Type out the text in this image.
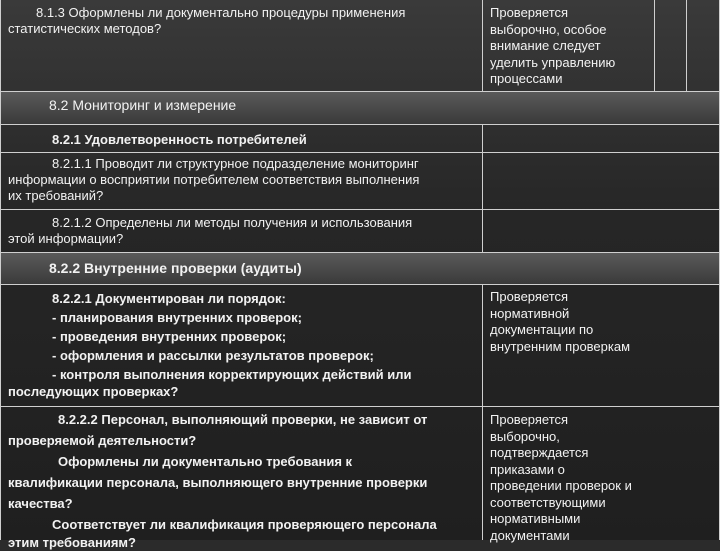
8.1.3 Оформлены ли документально процедуры применения
статистических методов?
Проверяется
выборочно, особое
внимание следует
уделить управлению
процессами
8.2 Мониторинг и измерение
8.2.1 Удовлетворенность потребителей
8.2.1.1 Проводит ли структурное подразделение мониторинг
информации о восприятии потребителем соответствия выполнения
их требований?
8.2.1.2 Определены ли методы получения и использования
этой информации?
8.2.2 Внутренние проверки (аудиты)
8.2.2.1 Документирован ли порядок:
- планирования внутренних проверок;
- проведения внутренних проверок;
- оформления и рассылки результатов проверок;
- контроля выполнения корректирующих действий или
последующих проверках?
Проверяется
нормативной
документации по
внутренним проверкам
8.2.2.2 Персонал, выполняющий проверки, не зависит от
проверяемой деятельности?
Оформлены ли документально требования к
квалификации персонала, выполняющего внутренние проверки
качества?
Соответствует ли квалификация проверяющего персонала
этим требованиям?
Проверяется
выборочно,
подтверждается
приказами о
проведении проверок и
соответствующими
нормативными
документами
